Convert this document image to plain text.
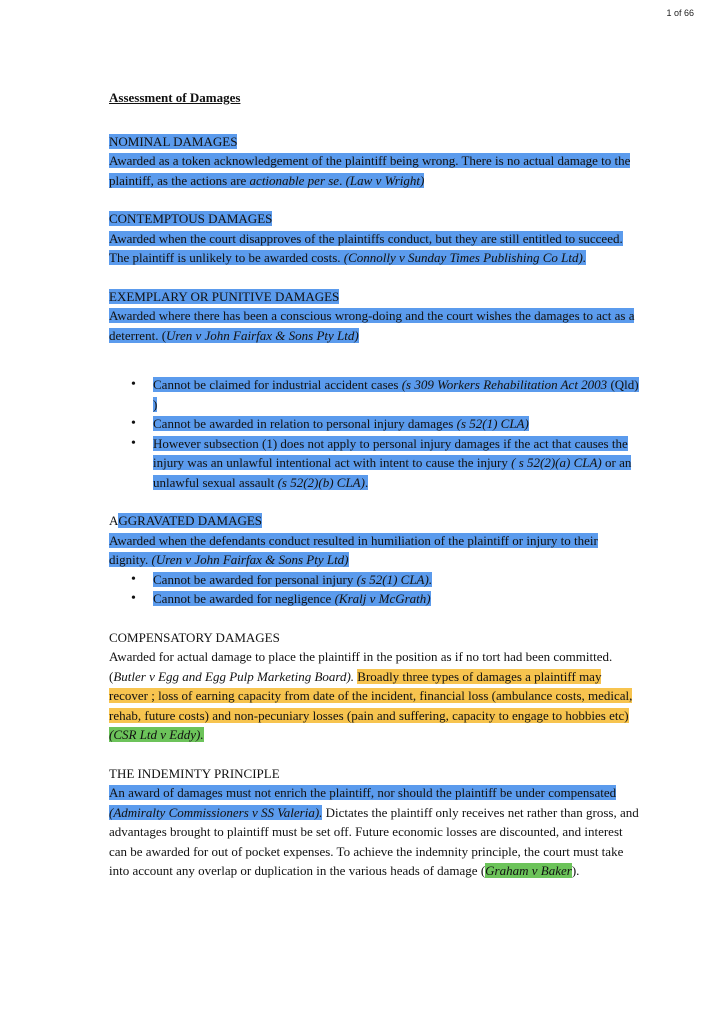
1 of 66
Assessment of Damages
NOMINAL DAMAGES
Awarded as a token acknowledgement of the plaintiff being wrong. There is no actual damage to the plaintiff, as the actions are actionable per se. (Law v Wright)
CONTEMPTOUS DAMAGES
Awarded when the court disapproves of the plaintiffs conduct, but they are still entitled to succeed. The plaintiff is unlikely to be awarded costs. (Connolly v Sunday Times Publishing Co Ltd).
EXEMPLARY OR PUNITIVE DAMAGES
Awarded where there has been a conscious wrong-doing and the court wishes the damages to act as a deterrent. (Uren v John Fairfax & Sons Pty Ltd)
• Cannot be claimed for industrial accident cases (s 309 Workers Rehabilitation Act 2003 (Qld) )
• Cannot be awarded in relation to personal injury damages (s 52(1) CLA)
• However subsection (1) does not apply to personal injury damages if the act that causes the injury was an unlawful intentional act with intent to cause the injury ( s 52(2)(a) CLA) or an unlawful sexual assault (s 52(2)(b) CLA).
AGGRAVATED DAMAGES
Awarded when the defendants conduct resulted in humiliation of the plaintiff or injury to their dignity. (Uren v John Fairfax & Sons Pty Ltd)
• Cannot be awarded for personal injury (s 52(1) CLA).
• Cannot be awarded for negligence (Kralj v McGrath)
COMPENSATORY DAMAGES
Awarded for actual damage to place the plaintiff in the position as if no tort had been committed. (Butler v Egg and Egg Pulp Marketing Board). Broadly three types of damages a plaintiff may recover ; loss of earning capacity from date of the incident, financial loss (ambulance costs, medical, rehab, future costs) and non-pecuniary losses (pain and suffering, capacity to engage to hobbies etc)(CSR Ltd v Eddy).
THE INDEMINTY PRINCIPLE
An award of damages must not enrich the plaintiff, nor should the plaintiff be under compensated (Admiralty Commissioners v SS Valeria). Dictates the plaintiff only receives net rather than gross, and advantages brought to plaintiff must be set off. Future economic losses are discounted, and interest can be awarded for out of pocket expenses. To achieve the indemnity principle, the court must take into account any overlap or duplication in the various heads of damage (Graham v Baker).
